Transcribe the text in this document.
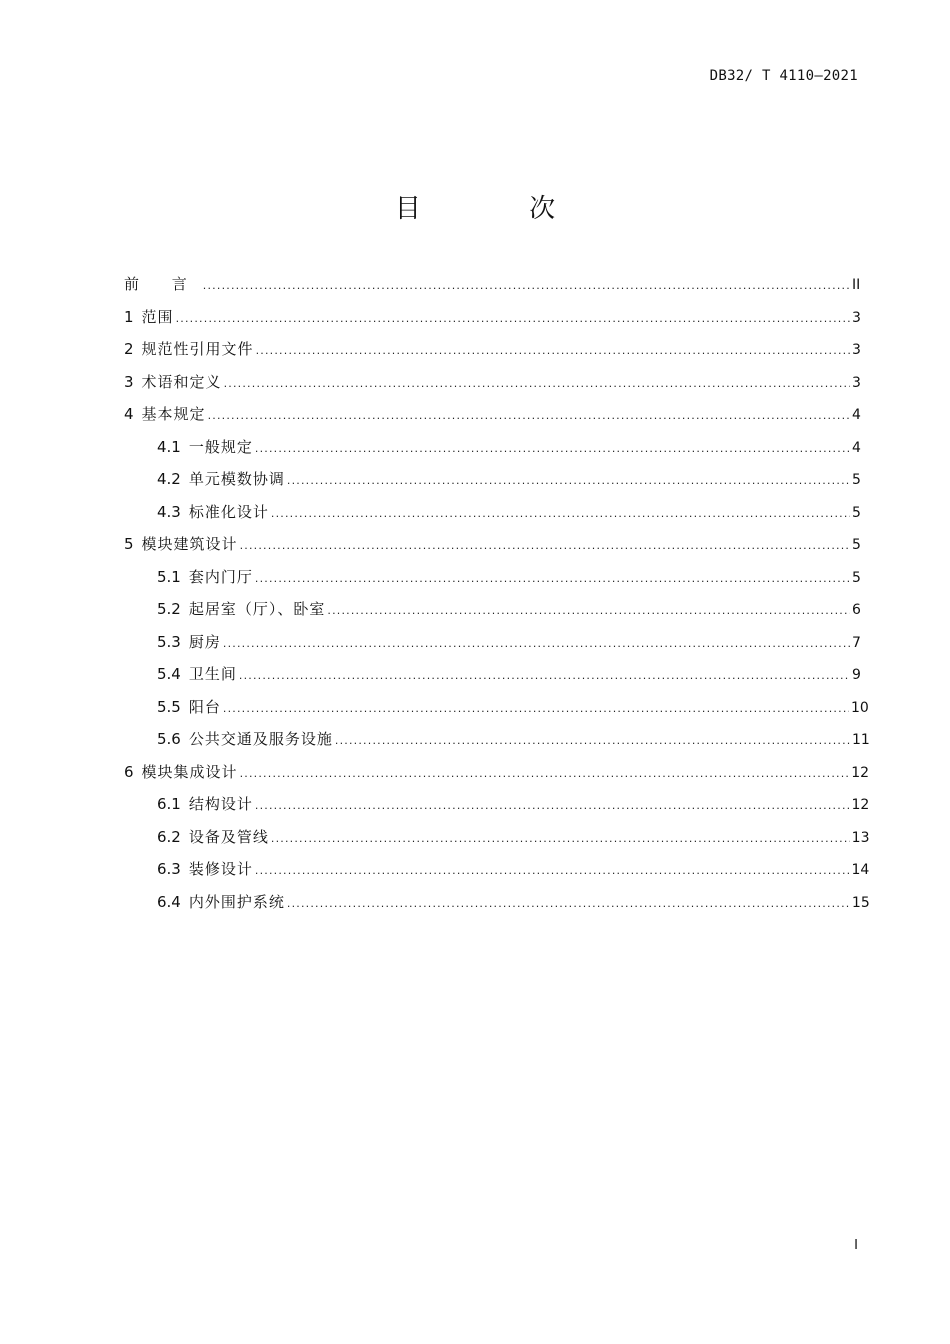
DB32/ T 4110—2021
目 次
前 言 .....	II
1 范围 .....	3
2 规范性引用文件 .....	3
3 术语和定义 .....	3
4 基本规定 .....	4
4.1 一般规定 .....	4
4.2 单元模数协调 .....	5
4.3 标准化设计 .....	5
5 模块建筑设计 .....	5
5.1 套内门厅 .....	5
5.2 起居室（厅）、卧室 .....	6
5.3 厨房 .....	7
5.4 卫生间 .....	9
5.5 阳台 .....	10
5.6 公共交通及服务设施 .....	11
6 模块集成设计 .....	12
6.1 结构设计 .....	12
6.2 设备及管线 .....	13
6.3 装修设计 .....	14
6.4 内外围护系统 .....	15
I
